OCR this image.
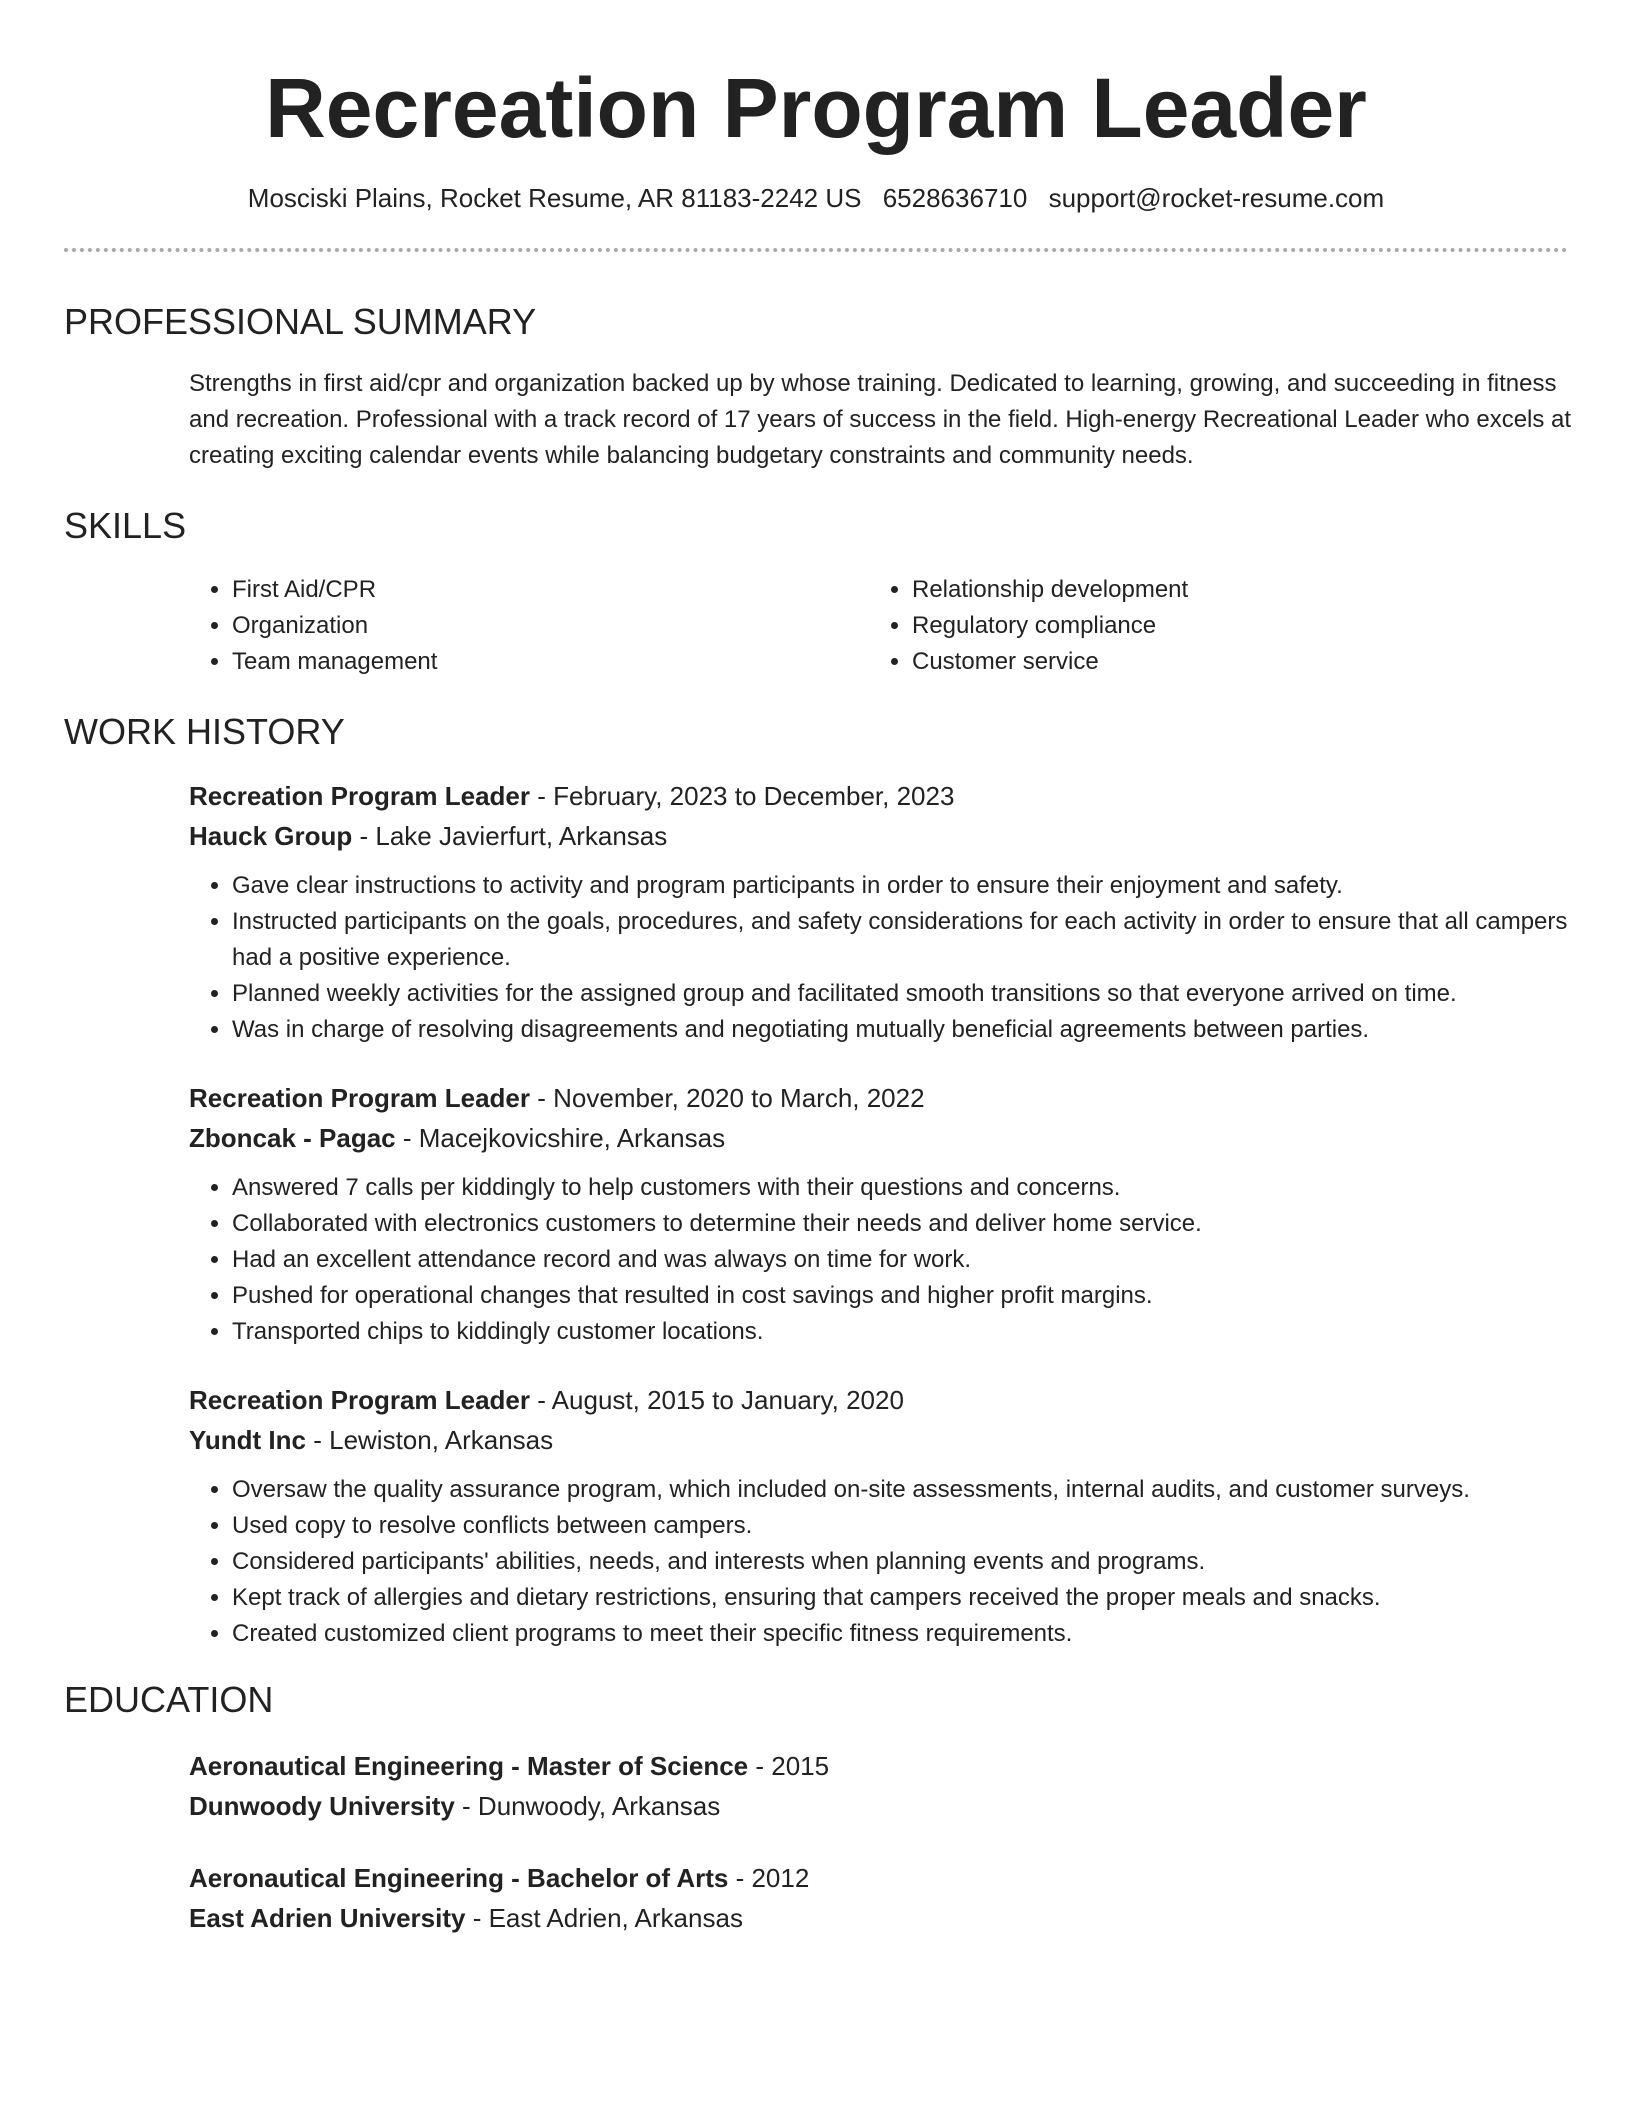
Recreation Program Leader
Mosciski Plains, Rocket Resume, AR 81183-2242 US 6528636710 support@rocket-resume.com
PROFESSIONAL SUMMARY

Strengths in first aid/cpr and organization backed up by whose training. Dedicated to learning, growing, and succeeding in fitness and recreation. Professional with a track record of 17 years of success in the field. High-energy Recreational Leader who excels at creating exciting calendar events while balancing budgetary constraints and community needs.

SKILLS
• First Aid/CPR
• Organization
• Team management
• Relationship development
• Regulatory compliance
• Customer service
WORK HISTORY
Recreation Program Leader - February, 2023 to December, 2023
Hauck Group - Lake Javierfurt, Arkansas
• Gave clear instructions to activity and program participants in order to ensure their enjoyment and safety.
• Instructed participants on the goals, procedures, and safety considerations for each activity in order to ensure that all campers had a positive experience.
• Planned weekly activities for the assigned group and facilitated smooth transitions so that everyone arrived on time.
• Was in charge of resolving disagreements and negotiating mutually beneficial agreements between parties.
Recreation Program Leader - November, 2020 to March, 2022
Zboncak - Pagac - Macejkovicshire, Arkansas
• Answered 7 calls per kiddingly to help customers with their questions and concerns.
• Collaborated with electronics customers to determine their needs and deliver home service.
• Had an excellent attendance record and was always on time for work.
• Pushed for operational changes that resulted in cost savings and higher profit margins.
• Transported chips to kiddingly customer locations.
Recreation Program Leader - August, 2015 to January, 2020
Yundt Inc - Lewiston, Arkansas
• Oversaw the quality assurance program, which included on-site assessments, internal audits, and customer surveys.
• Used copy to resolve conflicts between campers.
• Considered participants' abilities, needs, and interests when planning events and programs.
• Kept track of allergies and dietary restrictions, ensuring that campers received the proper meals and snacks.
• Created customized client programs to meet their specific fitness requirements.
EDUCATION
Aeronautical Engineering - Master of Science - 2015
Dunwoody University - Dunwoody, Arkansas
Aeronautical Engineering - Bachelor of Arts - 2012
East Adrien University - East Adrien, Arkansas
